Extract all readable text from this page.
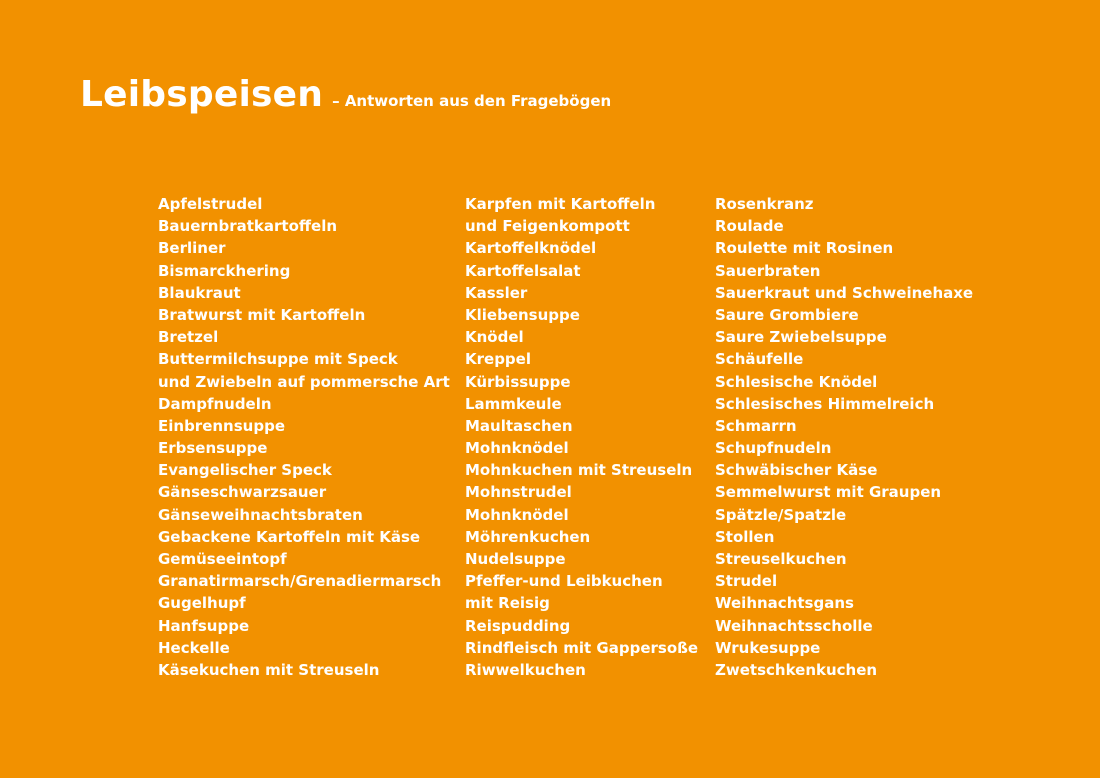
Leibspeisen – Antworten aus den Fragebögen
Apfelstrudel
Bauernbratkartoffeln
Berliner
Bismarckhering
Blaukraut
Bratwurst mit Kartoffeln
Bretzel
Buttermilchsuppe mit Speck
und Zwiebeln auf pommersche Art
Dampfnudeln
Einbrennsuppe
Erbsensuppe
Evangelischer Speck
Gänseschwarzsauer
Gänseweihnachtsbraten
Gebackene Kartoffeln mit Käse
Gemüseeintopf
Granatirmarsch/Grenadiermarsch
Gugelhupf
Hanfsuppe
Heckelle
Käsekuchen mit Streuseln
Karpfen mit Kartoffeln
und Feigenkompott
Kartoffelknödel
Kartoffelsalat
Kassler
Kliebensuppe
Knödel
Kreppel
Kürbissuppe
Lammkeule
Maultaschen
Mohnknödel
Mohnkuchen mit Streuseln
Mohnstrudel
Mohnknödel
Möhrenkuchen
Nudelsuppe
Pfeffer-und Leibkuchen
mit Reisig
Reispudding
Rindfleisch mit Gappersoße
Riwwelkuchen
Rosenkranz
Roulade
Roulette mit Rosinen
Sauerbraten
Sauerkraut und Schweinehaxe
Saure Grombiere
Saure Zwiebelsuppe
Schäufelle
Schlesische Knödel
Schlesisches Himmelreich
Schmarrn
Schupfnudeln
Schwäbischer Käse
Semmelwurst mit Graupen
Spätzle/Spatzle
Stollen
Streuselkuchen
Strudel
Weihnachtsgans
Weihnachtsscholle
Wrukesuppe
Zwetschkenkuchen
